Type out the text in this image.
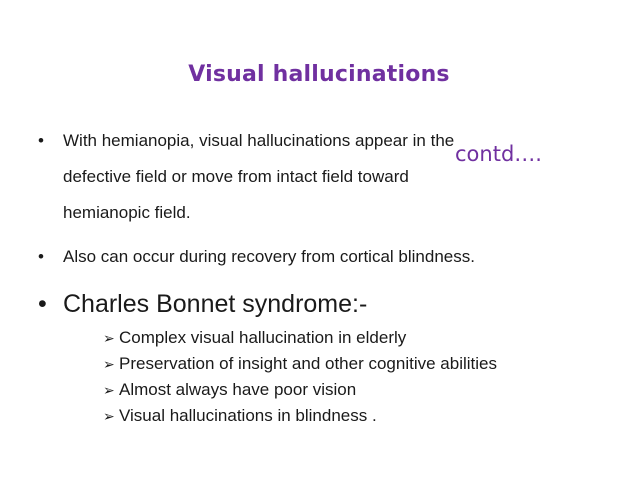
Visual hallucinations
• With hemianopia, visual hallucinations appear in the
defective field or move from intact field toward
hemianopic field.
contd….
• Also can occur during recovery from cortical blindness.
• Charles Bonnet syndrome:-
➢ Complex visual hallucination in elderly
➢ Preservation of insight and other cognitive abilities
➢ Almost always have poor vision
➢ Visual hallucinations in blindness .
